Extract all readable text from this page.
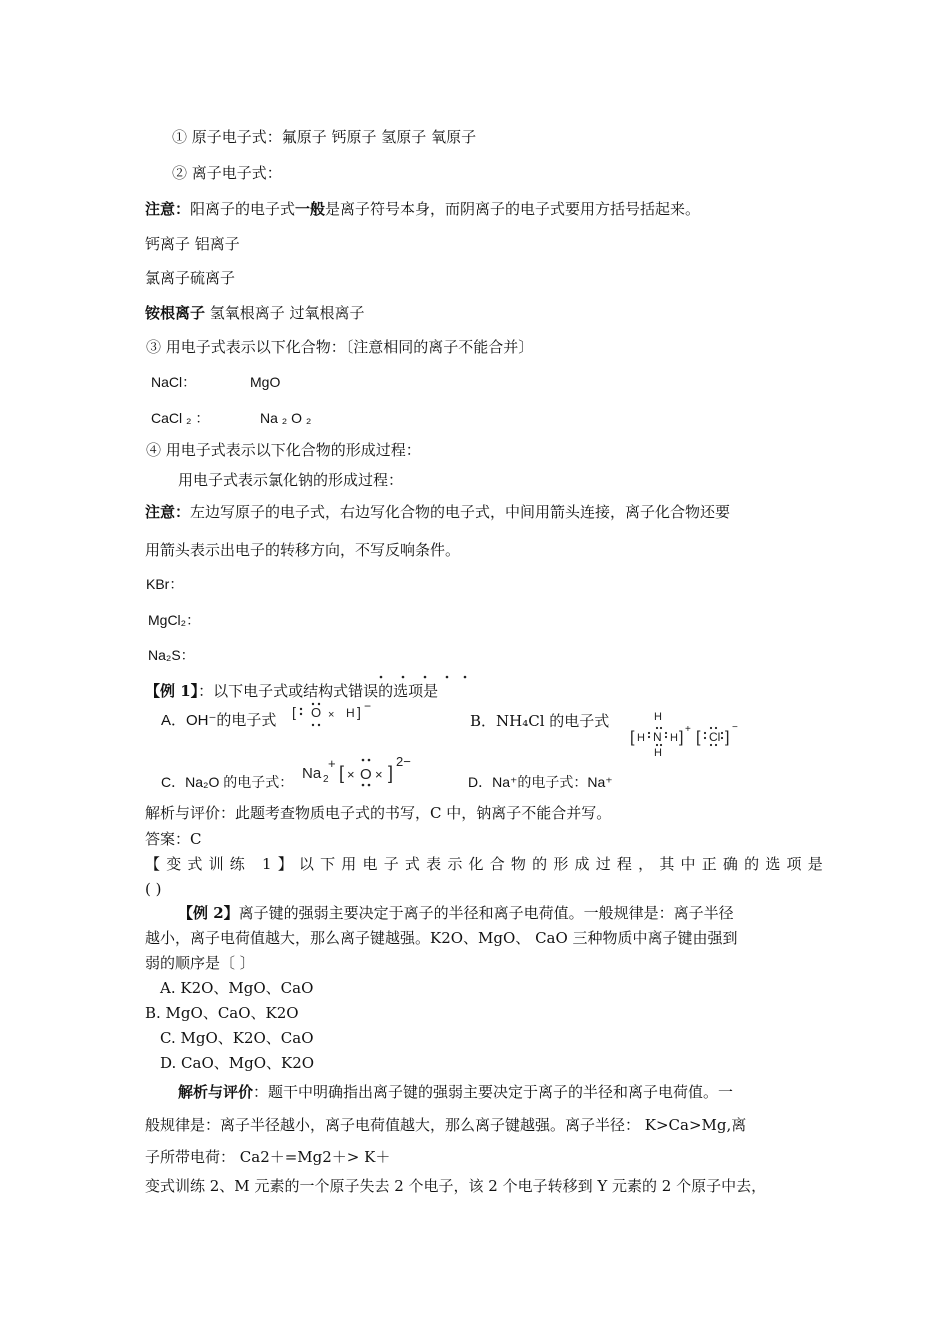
① 原子电子式：氟原子 钙原子 氢原子 氧原子
② 离子电子式：
注意：阳离子的电子式一般是离子符号本身，而阴离子的电子式要用方括号括起来。
钙离子 铝离子
氯离子硫离子
铵根离子 氢氧根离子 过氧根离子
③ 用电子式表示以下化合物：〔注意相同的离子不能合并〕
NaCl：	MgO
CaCl ₂ ：	Na ₂ O ₂
④ 用电子式表示以下化合物的形成过程：
用电子式表示氯化钠的形成过程：
注意：左边写原子的电子式，右边写化合物的电子式，中间用箭头连接，离子化合物还要
用箭头表示出电子的转移方向，不写反响条件。
KBr：
MgCl₂：
Na₂S：
【例 1】：以下电子式或结构式错误的选项是
A．OH⁻的电子式 [ O × H ] −
B．NH₄Cl 的电子式	H
[ H N H ] +
H
[ Cl ]
−
C．Na₂O 的电子式： Na 2
+ [ × O × ]
2−
D．Na⁺的电子式：Na⁺
解析与评价：此题考查物质电子式的书写，C 中，钠离子不能合并写。
答案：C
【变式训练 1】以下用电子式表示化合物的形成过程，其中正确的选项是
( )
【例 2】离子键的强弱主要决定于离子的半径和离子电荷值。一般规律是：离子半径
越小，离子电荷值越大，那么离子键越强。K2O、MgO、 CaO 三种物质中离子键由强到
弱的顺序是〔 〕
A. K2O、MgO、CaO
B. MgO、CaO、K2O
C. MgO、K2O、CaO
D. CaO、MgO、K2O
解析与评价：题干中明确指出离子键的强弱主要决定于离子的半径和离子电荷值。一
般规律是：离子半径越小，离子电荷值越大，那么离子键越强。离子半径： K>Ca>Mg,离
子所带电荷： Ca2＋=Mg2＋> K＋
变式训练 2、M 元素的一个原子失去 2 个电子，该 2 个电子转移到 Y 元素的 2 个原子中去，
